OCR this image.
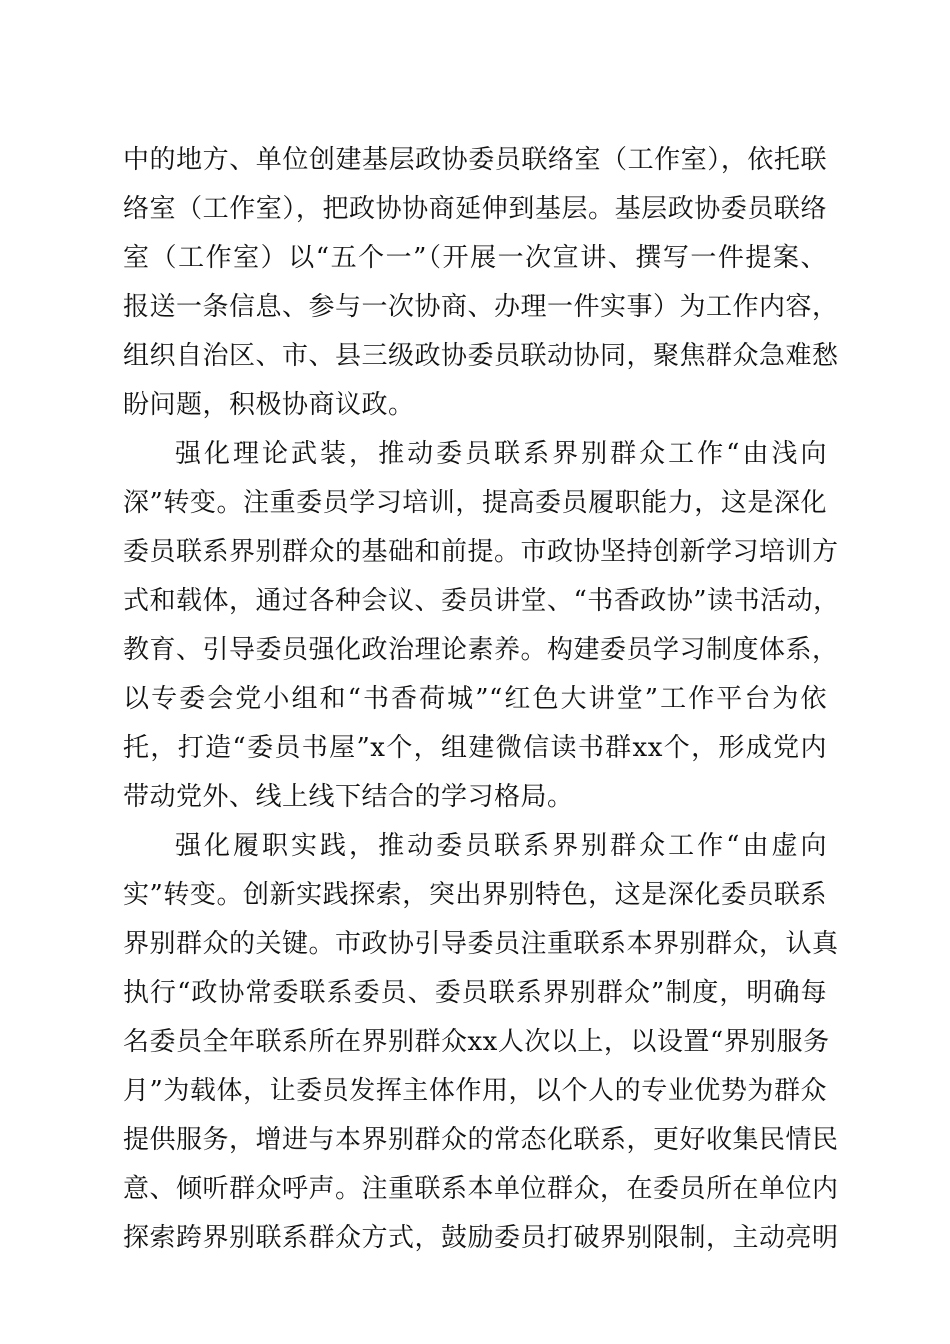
中的地方、单位创建基层政协委员联络室（工作室），依托联
络室（工作室），把政协协商延伸到基层。基层政协委员联络
室（工作室）以“五个一”（开展一次宣讲、撰写一件提案、
报送一条信息、参与一次协商、办理一件实事）为工作内容，
组织自治区、市、县三级政协委员联动协同，聚焦群众急难愁
盼问题，积极协商议政。
强化理论武装，推动委员联系界别群众工作“由浅向
深”转变。注重委员学习培训，提高委员履职能力，这是深化
委员联系界别群众的基础和前提。市政协坚持创新学习培训方
式和载体，通过各种会议、委员讲堂、“书香政协”读书活动，
教育、引导委员强化政治理论素养。构建委员学习制度体系，
以专委会党小组和“书香荷城”“红色大讲堂”工作平台为依
托，打造“委员书屋”x个，组建微信读书群xx个，形成党内
带动党外、线上线下结合的学习格局。
强化履职实践，推动委员联系界别群众工作“由虚向
实”转变。创新实践探索，突出界别特色，这是深化委员联系
界别群众的关键。市政协引导委员注重联系本界别群众，认真
执行“政协常委联系委员、委员联系界别群众”制度，明确每
名委员全年联系所在界别群众xx人次以上，以设置“界别服务
月”为载体，让委员发挥主体作用，以个人的专业优势为群众
提供服务，增进与本界别群众的常态化联系，更好收集民情民
意、倾听群众呼声。注重联系本单位群众，在委员所在单位内
探索跨界别联系群众方式，鼓励委员打破界别限制，主动亮明
